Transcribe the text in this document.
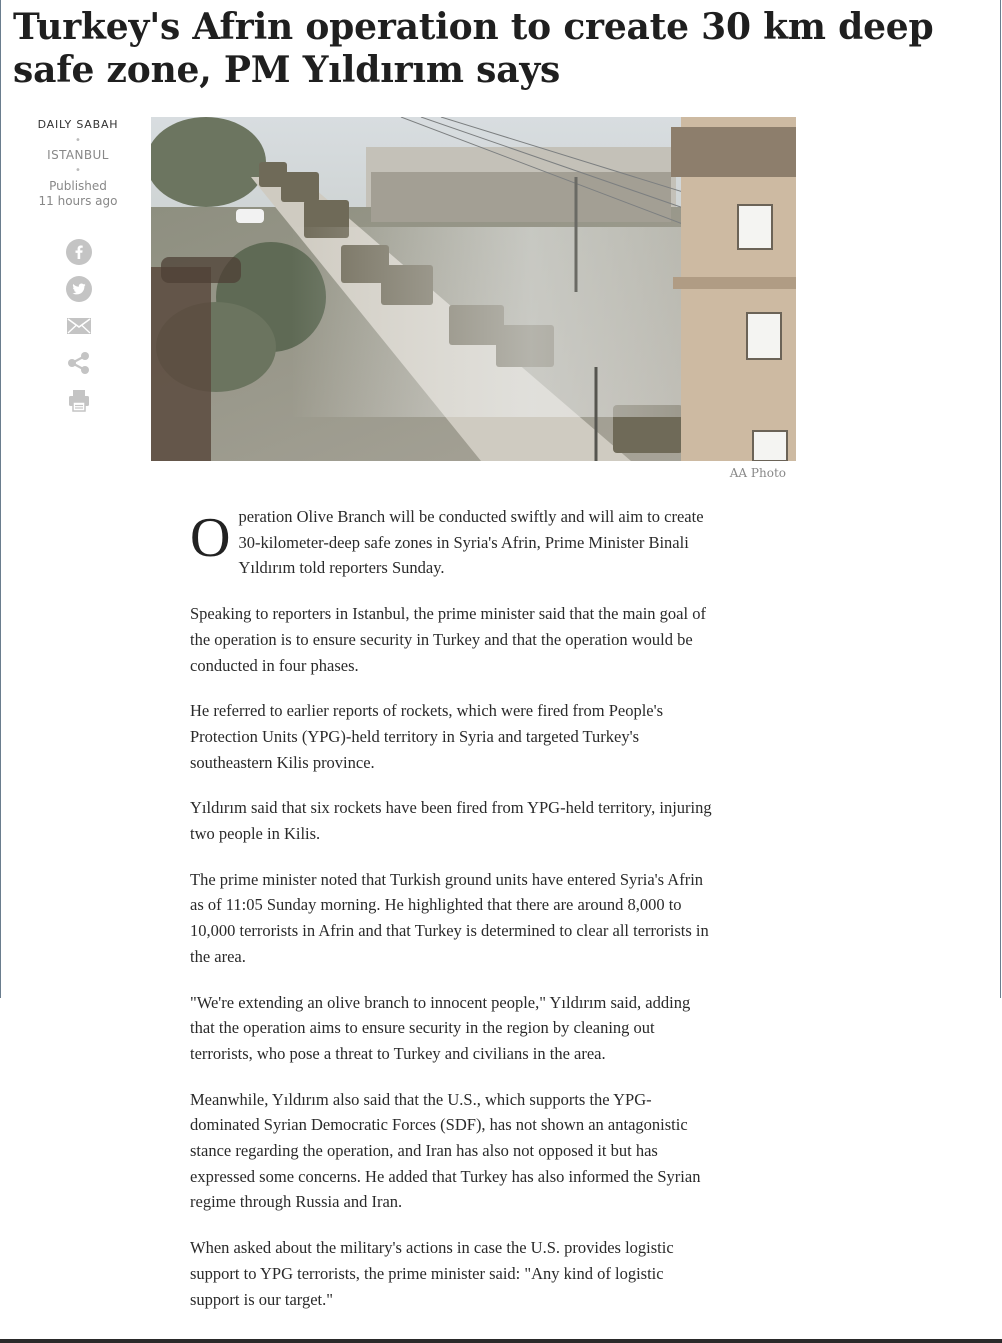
Turkey's Afrin operation to create 30 km deep safe zone, PM Yıldırım says
DAILY SABAH
•
ISTANBUL
•
Published
11 hours ago
AA Photo

Operation Olive Branch will be conducted swiftly and will aim to create 30-kilometer-deep safe zones in Syria's Afrin, Prime Minister Binali Yıldırım told reporters Sunday.

Speaking to reporters in Istanbul, the prime minister said that the main goal of the operation is to ensure security in Turkey and that the operation would be conducted in four phases.

He referred to earlier reports of rockets, which were fired from People's Protection Units (YPG)-held territory in Syria and targeted Turkey's southeastern Kilis province.

Yıldırım said that six rockets have been fired from YPG-held territory, injuring two people in Kilis.

The prime minister noted that Turkish ground units have entered Syria's Afrin as of 11:05 Sunday morning. He highlighted that there are around 8,000 to 10,000 terrorists in Afrin and that Turkey is determined to clear all terrorists in the area.

"We're extending an olive branch to innocent people," Yıldırım said, adding that the operation aims to ensure security in the region by cleaning out terrorists, who pose a threat to Turkey and civilians in the area.

Meanwhile, Yıldırım also said that the U.S., which supports the YPG-dominated Syrian Democratic Forces (SDF), has not shown an antagonistic stance regarding the operation, and Iran has also not opposed it but has expressed some concerns. He added that Turkey has also informed the Syrian regime through Russia and Iran.

When asked about the military's actions in case the U.S. provides logistic support to YPG terrorists, the prime minister said: "Any kind of logistic support is our target."
